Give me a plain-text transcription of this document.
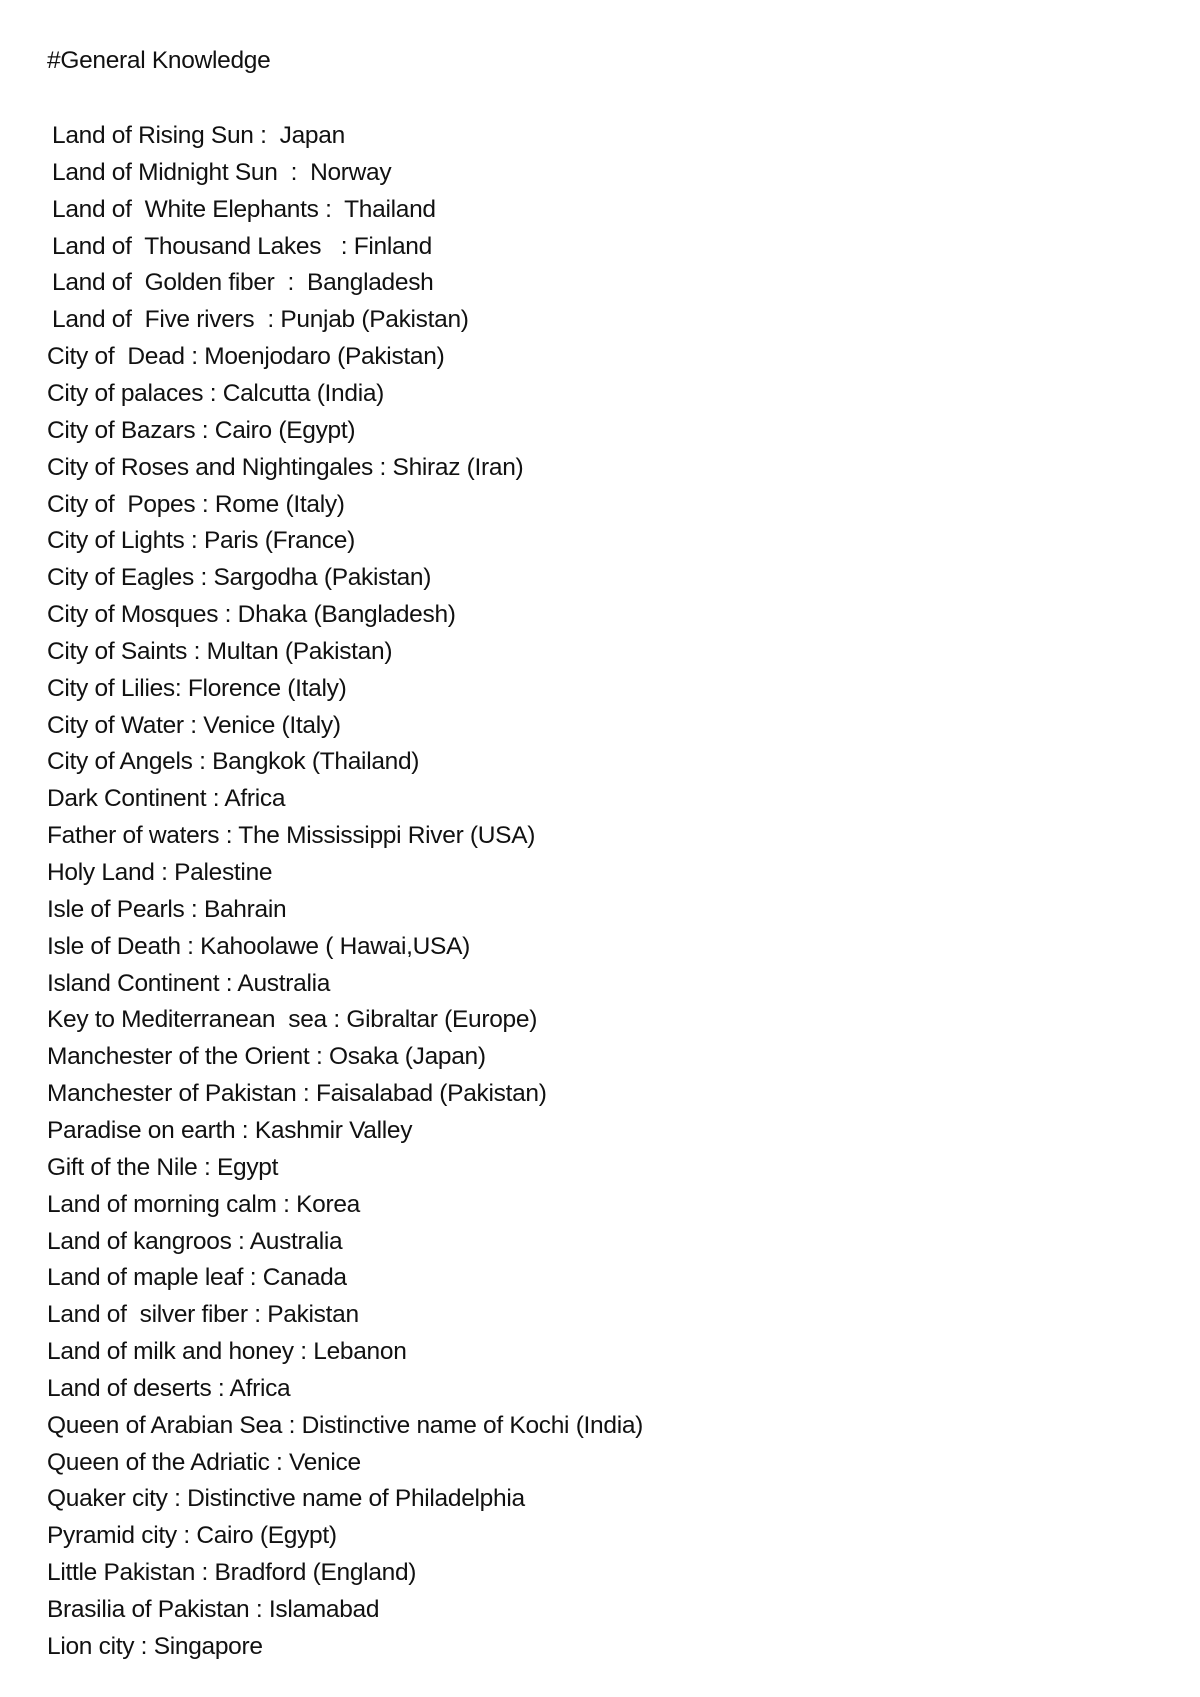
#General Knowledge
Land of Rising Sun :  Japan
Land of Midnight Sun  :  Norway
Land of  White Elephants :  Thailand
Land of  Thousand Lakes   : Finland
Land of  Golden fiber  :  Bangladesh
Land of  Five rivers  : Punjab (Pakistan)
City of  Dead : Moenjodaro (Pakistan)
City of palaces : Calcutta (India)
City of Bazars : Cairo (Egypt)
City of Roses and Nightingales : Shiraz (Iran)
City of  Popes : Rome (Italy)
City of Lights : Paris (France)
City of Eagles : Sargodha (Pakistan)
City of Mosques : Dhaka (Bangladesh)
City of Saints : Multan (Pakistan)
City of Lilies: Florence (Italy)
City of Water : Venice (Italy)
City of Angels : Bangkok (Thailand)
Dark Continent : Africa
Father of waters : The Mississippi River (USA)
Holy Land : Palestine
Isle of Pearls : Bahrain
Isle of Death : Kahoolawe ( Hawai,USA)
Island Continent : Australia
Key to Mediterranean  sea : Gibraltar (Europe)
Manchester of the Orient : Osaka (Japan)
Manchester of Pakistan : Faisalabad (Pakistan)
Paradise on earth : Kashmir Valley
Gift of the Nile : Egypt
Land of morning calm : Korea
Land of kangroos : Australia
Land of maple leaf : Canada
Land of  silver fiber : Pakistan
Land of milk and honey : Lebanon
Land of deserts : Africa
Queen of Arabian Sea : Distinctive name of Kochi (India)
Queen of the Adriatic : Venice
Quaker city : Distinctive name of Philadelphia
Pyramid city : Cairo (Egypt)
Little Pakistan : Bradford (England)
Brasilia of Pakistan : Islamabad
Lion city : Singapore
